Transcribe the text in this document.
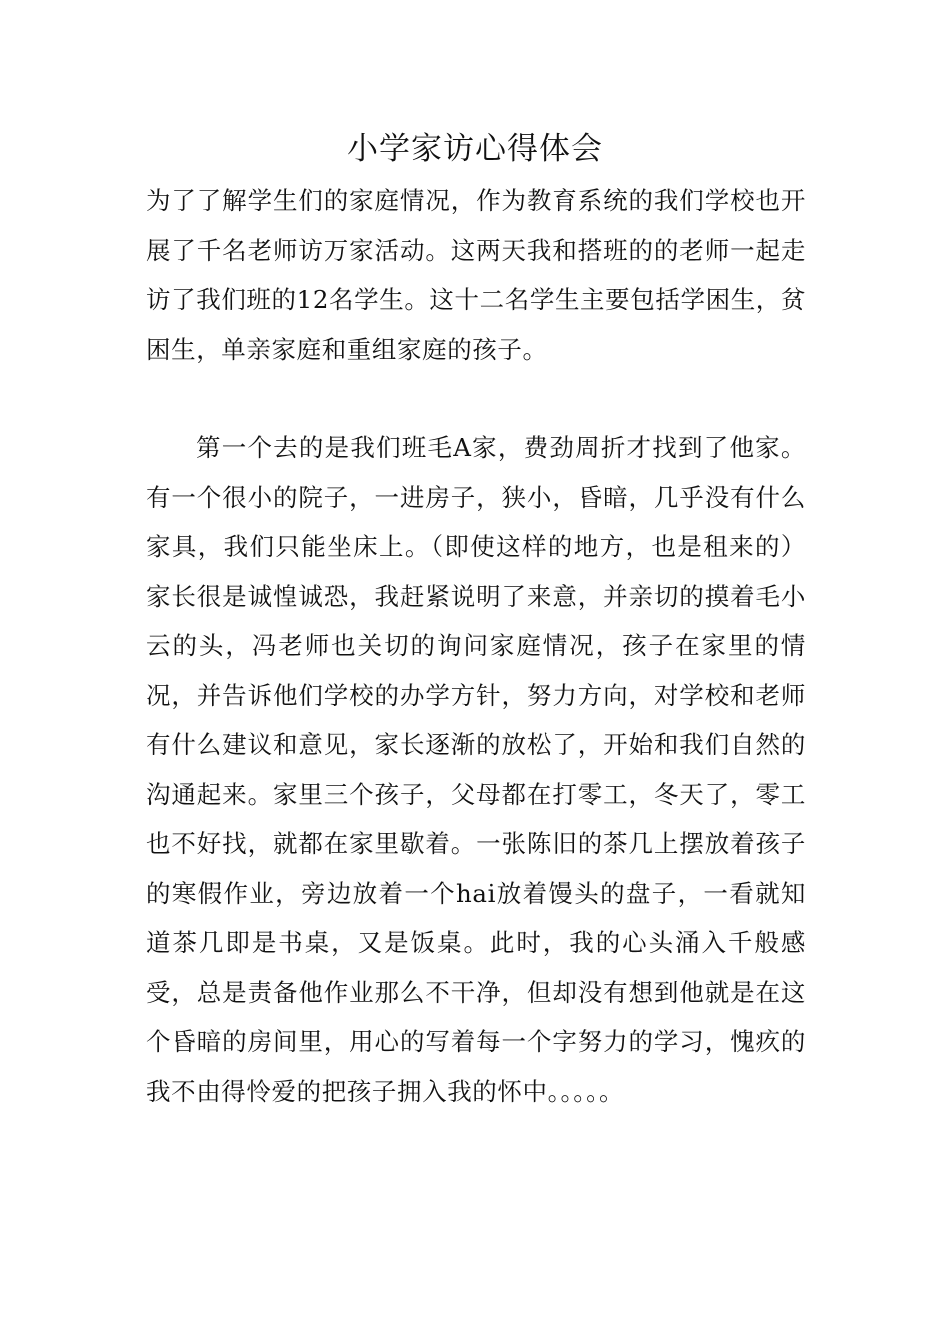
小学家访心得体会

为了了解学生们的家庭情况，作为教育系统的我们学校也开展了千名老师访万家活动。这两天我和搭班的的老师一起走访了我们班的12名学生。这十二名学生主要包括学困生，贫困生，单亲家庭和重组家庭的孩子。

第一个去的是我们班毛A家，费劲周折才找到了他家。有一个很小的院子，一进房子，狭小，昏暗，几乎没有什么家具，我们只能坐床上。（即使这样的地方，也是租来的）家长很是诚惶诚恐，我赶紧说明了来意，并亲切的摸着毛小云的头，冯老师也关切的询问家庭情况，孩子在家里的情况，并告诉他们学校的办学方针，努力方向，对学校和老师有什么建议和意见，家长逐渐的放松了，开始和我们自然的沟通起来。家里三个孩子，父母都在打零工，冬天了，零工也不好找，就都在家里歇着。一张陈旧的茶几上摆放着孩子的寒假作业，旁边放着一个hai放着馒头的盘子，一看就知道茶几即是书桌，又是饭桌。此时，我的心头涌入千般感受，总是责备他作业那么不干净，但却没有想到他就是在这个昏暗的房间里，用心的写着每一个字努力的学习，愧疚的我不由得怜爱的把孩子拥入我的怀中。。。。。
